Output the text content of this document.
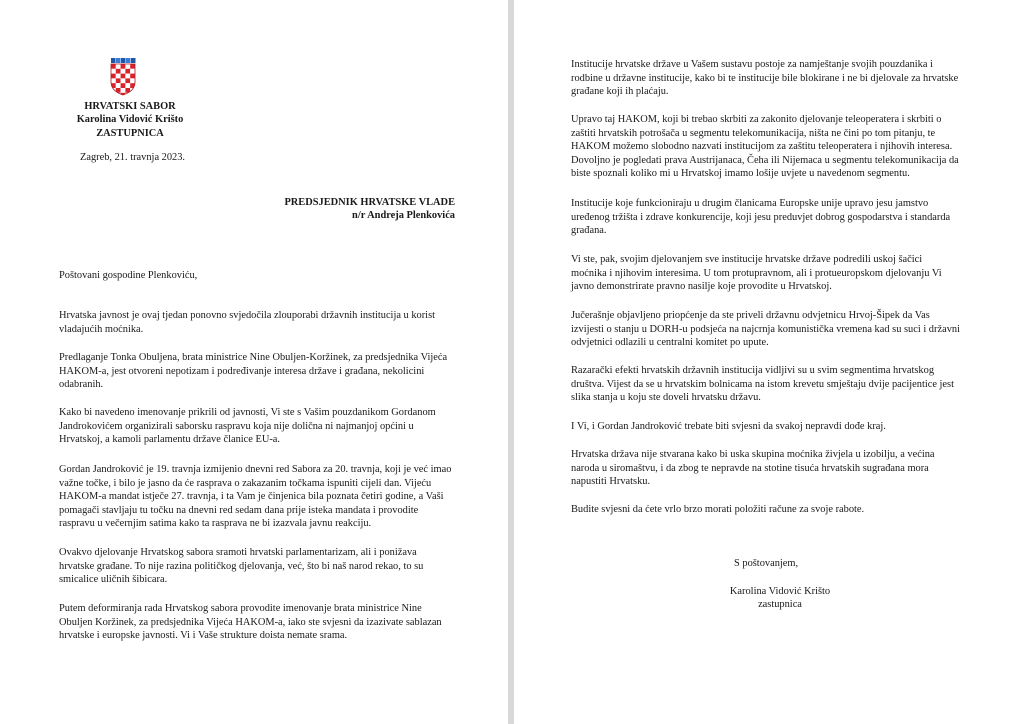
HRVATSKI SABOR
Karolina Vidović Krišto
ZASTUPNICA
Zagreb, 21. travnja 2023.
PREDSJEDNIK HRVATSKE VLADE
n/r Andreja Plenkovića
Poštovani gospodine Plenkoviću,

Hrvatska javnost je ovaj tjedan ponovno svjedočila zlouporabi državnih institucija u korist
vladajućih moćnika.

Predlaganje Tonka Obuljena, brata ministrice Nine Obuljen-Koržinek, za predsjednika Vijeća
HAKOM-a, jest otvoreni nepotizam i podređivanje interesa države i građana, nekolicini
odabranih.

Kako bi navedeno imenovanje prikrili od javnosti, Vi ste s Vašim pouzdanikom Gordanom
Jandrokovićem organizirali saborsku raspravu koja nije dolična ni najmanjoj općini u
Hrvatskoj, a kamoli parlamentu države članice EU-a.

Gordan Jandroković je 19. travnja izmijenio dnevni red Sabora za 20. travnja, koji je već imao
važne točke, i bilo je jasno da će rasprava o zakazanim točkama ispuniti cijeli dan. Vijeću
HAKOM-a mandat istječe 27. travnja, i ta Vam je činjenica bila poznata četiri godine, a Vaši
pomagači stavljaju tu točku na dnevni red sedam dana prije isteka mandata i provodite
raspravu u večernjim satima kako ta rasprava ne bi izazvala javnu reakciju.

Ovakvo djelovanje Hrvatskog sabora sramoti hrvatski parlamentarizam, ali i ponižava
hrvatske građane. To nije razina političkog djelovanja, već, što bi naš narod rekao, to su
smicalice uličnih šibicara.

Putem deformiranja rada Hrvatskog sabora provodite imenovanje brata ministrice Nine
Obuljen Koržinek, za predsjednika Vijeća HAKOM-a, iako ste svjesni da izazivate sablazan
hrvatske i europske javnosti. Vi i Vaše strukture doista nemate srama.

Institucije hrvatske države u Vašem sustavu postoje za namještanje svojih pouzdanika i
rodbine u državne institucije, kako bi te institucije bile blokirane i ne bi djelovale za hrvatske
građane koji ih plaćaju.

Upravo taj HAKOM, koji bi trebao skrbiti za zakonito djelovanje teleoperatera i skrbiti o
zaštiti hrvatskih potrošača u segmentu telekomunikacija, ništa ne čini po tom pitanju, te
HAKOM možemo slobodno nazvati institucijom za zaštitu teleoperatera i njihovih interesa.
Dovoljno je pogledati prava Austrijanaca, Čeha ili Nijemaca u segmentu telekomunikacija da
biste spoznali koliko mi u Hrvatskoj imamo lošije uvjete u navedenom segmentu.

Institucije koje funkcioniraju u drugim članicama Europske unije upravo jesu jamstvo
uređenog tržišta i zdrave konkurencije, koji jesu preduvjet dobrog gospodarstva i standarda
građana.

Vi ste, pak, svojim djelovanjem sve institucije hrvatske države podredili uskoj šačici
moćnika i njihovim interesima. U tom protupravnom, ali i protueuropskom djelovanju Vi
javno demonstrirate pravno nasilje koje provodite u Hrvatskoj.

Jučerašnje objavljeno priopćenje da ste priveli državnu odvjetnicu Hrvoj-Šipek da Vas
izvijesti o stanju u DORH-u podsjeća na najcrnja komunistička vremena kad su suci i državni
odvjetnici odlazili u centralni komitet po upute.

Razarački efekti hrvatskih državnih institucija vidljivi su u svim segmentima hrvatskog
društva. Vijest da se u hrvatskim bolnicama na istom krevetu smještaju dvije pacijentice jest
slika stanja u koju ste doveli hrvatsku državu.

I Vi, i Gordan Jandroković trebate biti svjesni da svakoj nepravdi dođe kraj.

Hrvatska država nije stvarana kako bi uska skupina moćnika živjela u izobilju, a većina
naroda u siromaštvu, i da zbog te nepravde na stotine tisuća hrvatskih sugrađana mora
napustiti Hrvatsku.

Budite svjesni da ćete vrlo brzo morati položiti račune za svoje rabote.

S poštovanjem,
Karolina Vidović Krišto
zastupnica
